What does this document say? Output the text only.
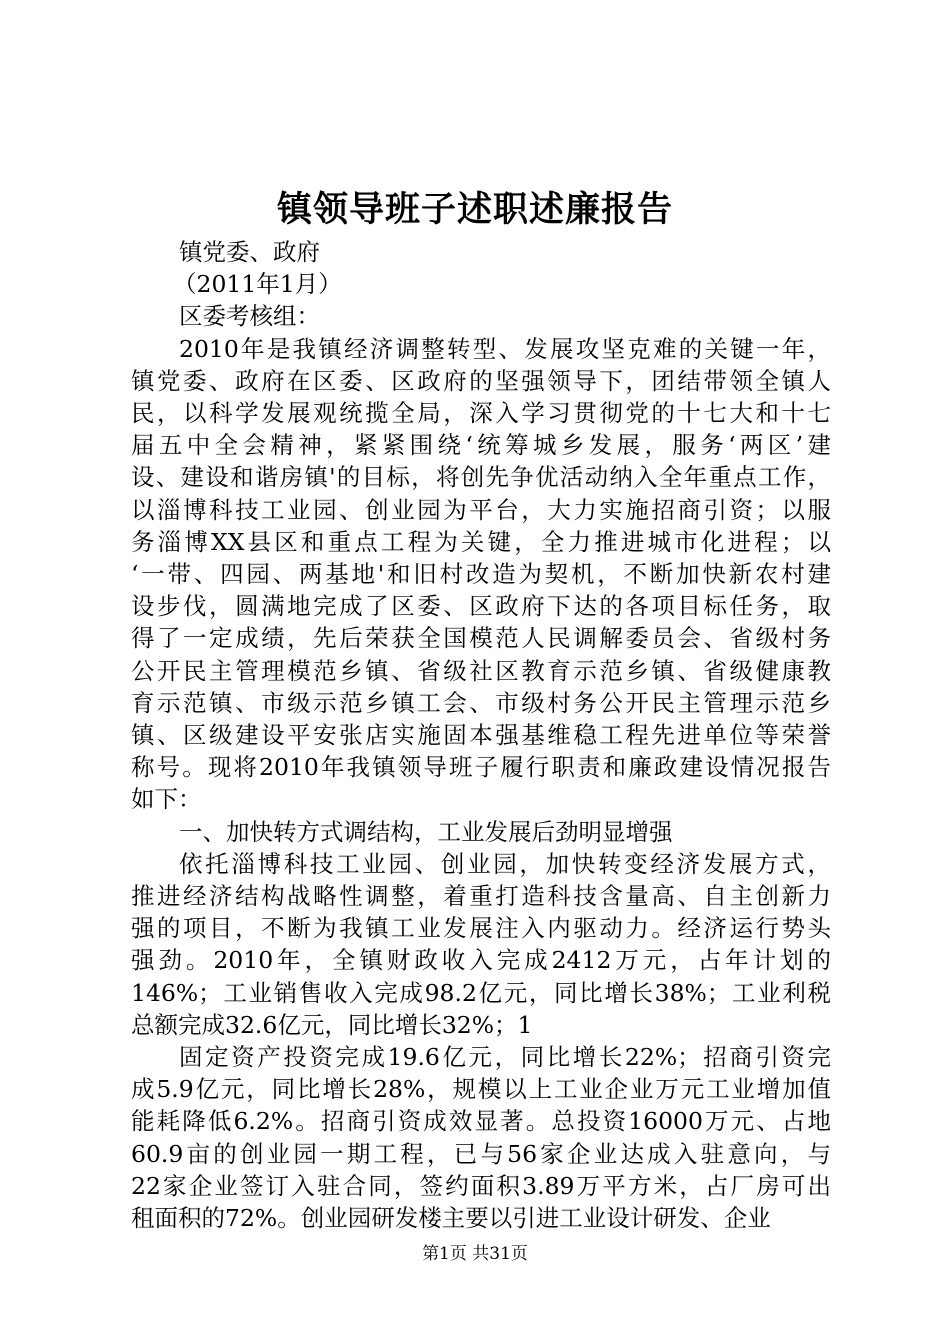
镇领导班子述职述廉报告
镇党委、政府
（2011年1月）
区委考核组：
2010年是我镇经济调整转型、发展攻坚克难的关键一年，
镇党委、政府在区委、区政府的坚强领导下，团结带领全镇人
民，以科学发展观统揽全局，深入学习贯彻党的十七大和十七
届五中全会精神，紧紧围绕‘统筹城乡发展，服务‘两区’建
设、建设和谐房镇'的目标，将创先争优活动纳入全年重点工作，
以淄博科技工业园、创业园为平台，大力实施招商引资；以服
务淄博XX县区和重点工程为关键，全力推进城市化进程；以
‘一带、四园、两基地'和旧村改造为契机，不断加快新农村建
设步伐，圆满地完成了区委、区政府下达的各项目标任务，取
得了一定成绩，先后荣获全国模范人民调解委员会、省级村务
公开民主管理模范乡镇、省级社区教育示范乡镇、省级健康教
育示范镇、市级示范乡镇工会、市级村务公开民主管理示范乡
镇、区级建设平安张店实施固本强基维稳工程先进单位等荣誉
称号。现将2010年我镇领导班子履行职责和廉政建设情况报告
如下：
一、加快转方式调结构，工业发展后劲明显增强
依托淄博科技工业园、创业园，加快转变经济发展方式，
推进经济结构战略性调整，着重打造科技含量高、自主创新力
强的项目，不断为我镇工业发展注入内驱动力。经济运行势头
强劲。2010年，全镇财政收入完成2412万元，占年计划的
146%；工业销售收入完成98.2亿元，同比增长38%；工业利税
总额完成32.6亿元，同比增长32%；1
固定资产投资完成19.6亿元，同比增长22%；招商引资完
成5.9亿元，同比增长28%，规模以上工业企业万元工业增加值
能耗降低6.2%。招商引资成效显著。总投资16000万元、占地
60.9亩的创业园一期工程，已与56家企业达成入驻意向，与
22家企业签订入驻合同，签约面积3.89万平方米，占厂房可出
租面积的72%。创业园研发楼主要以引进工业设计研发、企业
第1页 共31页
